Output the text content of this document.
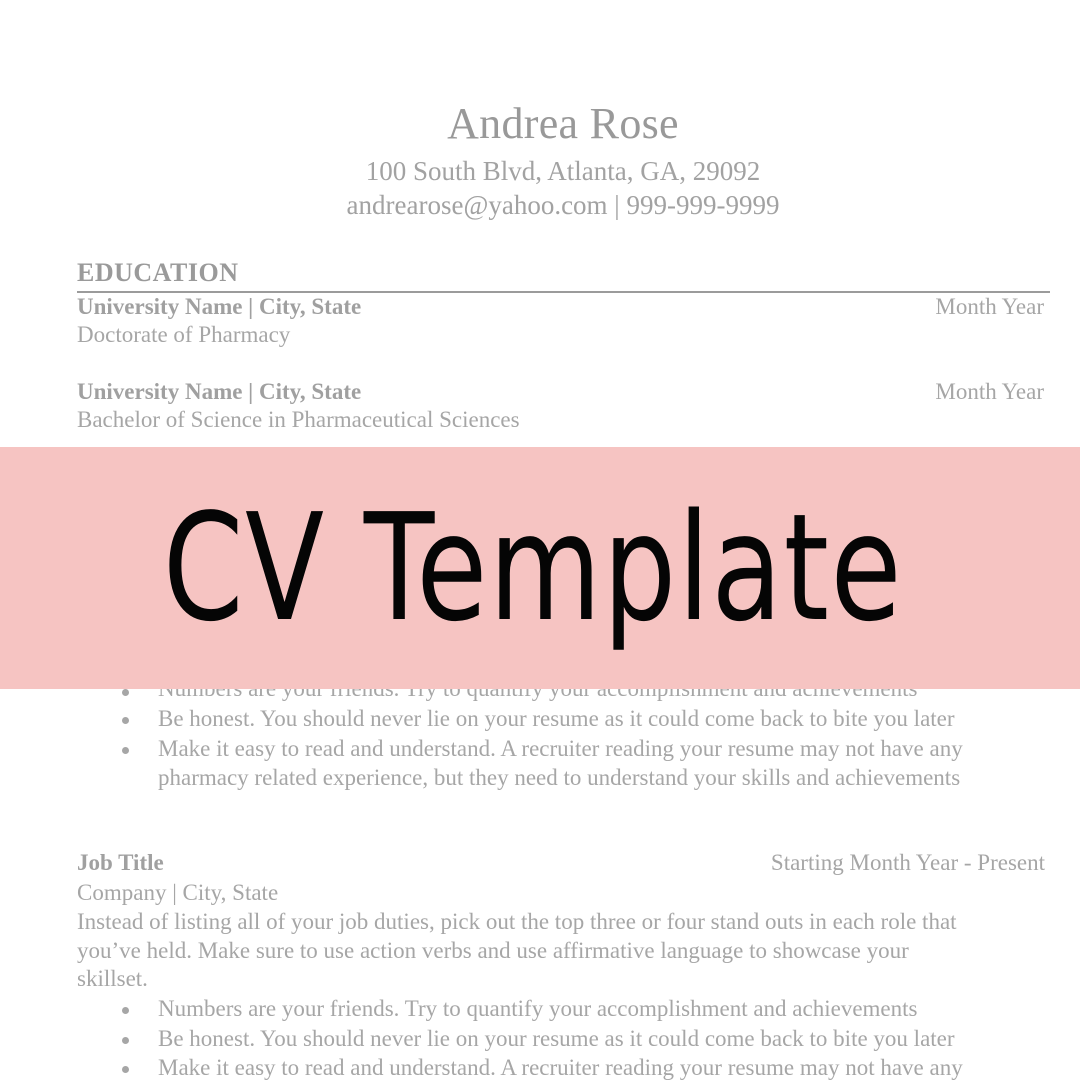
Andrea Rose
100 South Blvd, Atlanta, GA, 29092
andrearose@yahoo.com | 999-999-9999
EDUCATION
University Name | City, State	Month Year
Doctorate of Pharmacy
University Name | City, State	Month Year
Bachelor of Science in Pharmaceutical Sciences
Be honest. You should never lie on your resume as it could come back to bite you later
Make it easy to read and understand. A recruiter reading your resume may not have any
pharmacy related experience, but they need to understand your skills and achievements
Job Title	Starting Month Year - Present
Company | City, State
Instead of listing all of your job duties, pick out the top three or four stand outs in each role that
you’ve held. Make sure to use action verbs and use affirmative language to showcase your
skillset.
Numbers are your friends. Try to quantify your accomplishment and achievements
Be honest. You should never lie on your resume as it could come back to bite you later
Make it easy to read and understand. A recruiter reading your resume may not have any
CV Template
